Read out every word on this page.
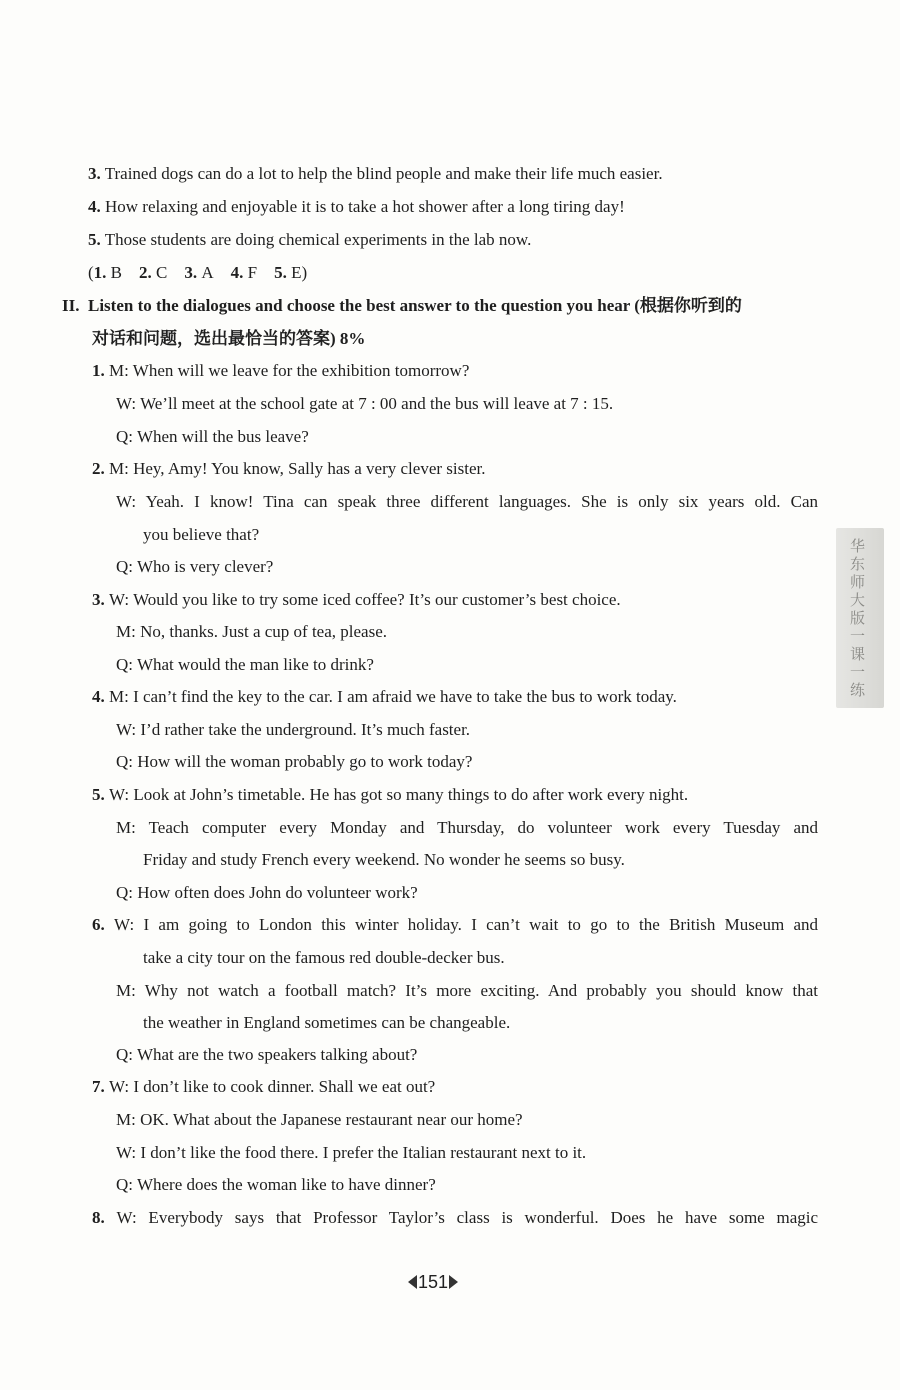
3. Trained dogs can do a lot to help the blind people and make their life much easier.
4. How relaxing and enjoyable it is to take a hot shower after a long tiring day!
5. Those students are doing chemical experiments in the lab now.
(1. B 2. C 3. A 4. F 5. E)
II. Listen to the dialogues and choose the best answer to the question you hear (根据你听到的
对话和问题，选出最恰当的答案) 8%
1. M: When will we leave for the exhibition tomorrow?
W: We’ll meet at the school gate at 7 : 00 and the bus will leave at 7 : 15.
Q: When will the bus leave?
2. M: Hey, Amy! You know, Sally has a very clever sister.
W: Yeah. I know! Tina can speak three different languages. She is only six years old. Can
you believe that?
Q: Who is very clever?
3. W: Would you like to try some iced coffee? It’s our customer’s best choice.
M: No, thanks. Just a cup of tea, please.
Q: What would the man like to drink?
4. M: I can’t find the key to the car. I am afraid we have to take the bus to work today.
W: I’d rather take the underground. It’s much faster.
Q: How will the woman probably go to work today?
5. W: Look at John’s timetable. He has got so many things to do after work every night.
M: Teach computer every Monday and Thursday, do volunteer work every Tuesday and
Friday and study French every weekend. No wonder he seems so busy.
Q: How often does John do volunteer work?
6. W: I am going to London this winter holiday. I can’t wait to go to the British Museum and
take a city tour on the famous red double-decker bus.
M: Why not watch a football match? It’s more exciting. And probably you should know that
the weather in England sometimes can be changeable.
Q: What are the two speakers talking about?
7. W: I don’t like to cook dinner. Shall we eat out?
M: OK. What about the Japanese restaurant near our home?
W: I don’t like the food there. I prefer the Italian restaurant next to it.
Q: Where does the woman like to have dinner?
8. W: Everybody says that Professor Taylor’s class is wonderful. Does he have some magic
华东师大版一课一练
151
